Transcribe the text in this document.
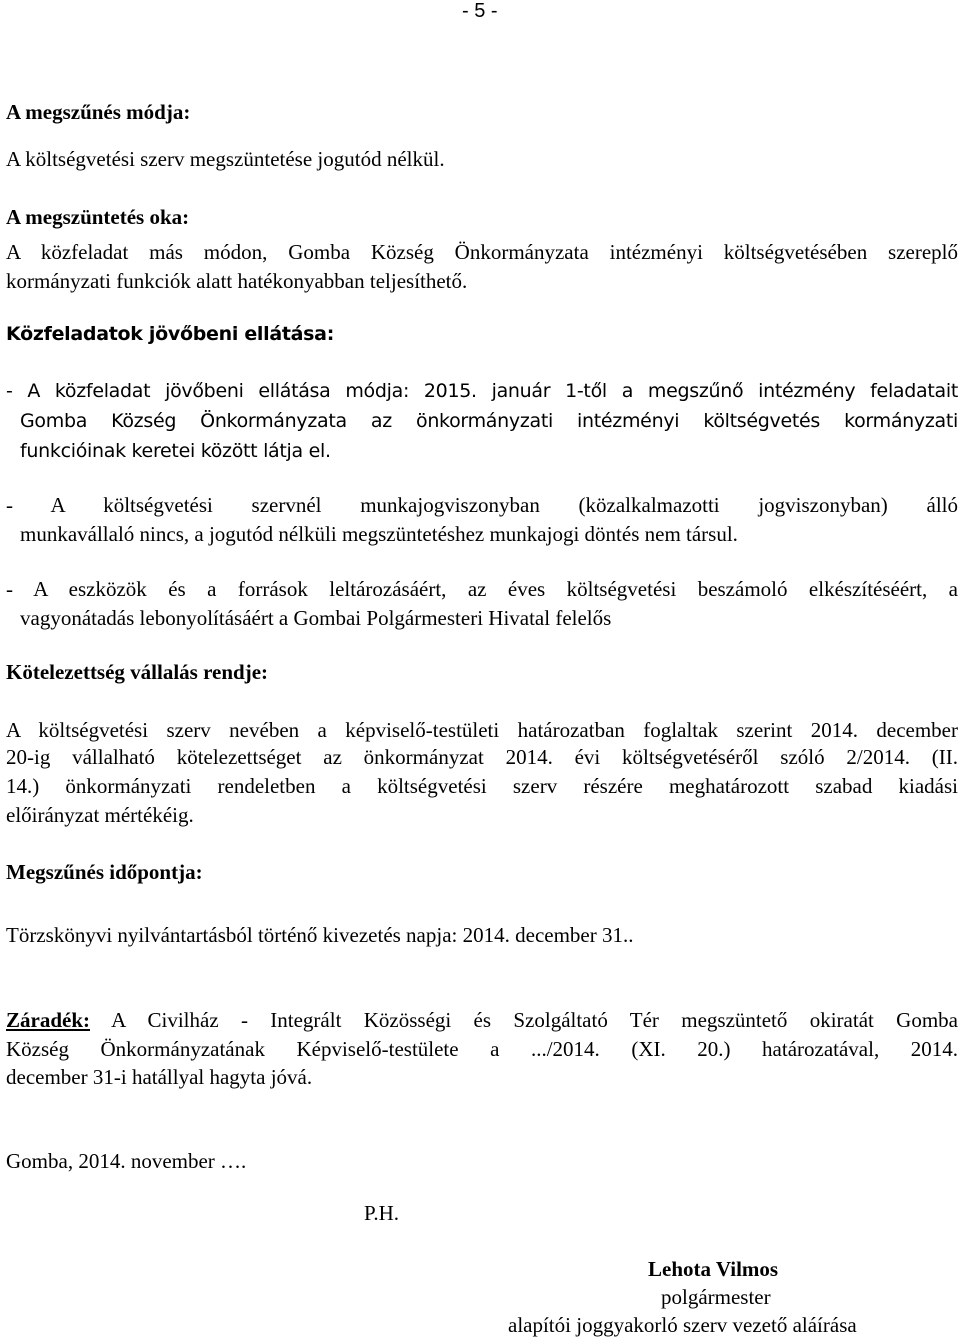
- 5 -
A megszűnés módja:
A költségvetési szerv megszüntetése jogutód nélkül.
A megszüntetés oka:
A közfeladat más módon, Gomba Község Önkormányzata intézményi költségvetésében szereplő
kormányzati funkciók alatt hatékonyabban teljesíthető.
Közfeladatok jövőbeni ellátása:
- A közfeladat jövőbeni ellátása módja: 2015. január 1-től a megszűnő intézmény feladatait
Gomba Község Önkormányzata az önkormányzati intézményi költségvetés kormányzati
funkcióinak keretei között látja el.
- A költségvetési szervnél munkajogviszonyban (közalkalmazotti jogviszonyban) álló
munkavállaló nincs, a jogutód nélküli megszüntetéshez munkajogi döntés nem társul.
- A eszközök és a források leltározásáért, az éves költségvetési beszámoló elkészítéséért, a
vagyonátadás lebonyolításáért a Gombai Polgármesteri Hivatal felelős
Kötelezettség vállalás rendje:
A költségvetési szerv nevében a képviselő-testületi határozatban foglaltak szerint 2014. december
20-ig vállalható kötelezettséget az önkormányzat 2014. évi költségvetéséről szóló 2/2014. (II.
14.) önkormányzati rendeletben a költségvetési szerv részére meghatározott szabad kiadási
előirányzat mértékéig.
Megszűnés időpontja:
Törzskönyvi nyilvántartásból történő kivezetés napja: 2014. december 31..
Záradék: A Civilház - Integrált Közösségi és Szolgáltató Tér megszüntető okiratát Gomba
Község Önkormányzatának Képviselő-testülete a .../2014. (XI. 20.) határozatával, 2014.
december 31-i hatállyal hagyta jóvá.
Gomba, 2014. november ….
P.H.
Lehota Vilmos
polgármester
alapítói joggyakorló szerv vezető aláírása
